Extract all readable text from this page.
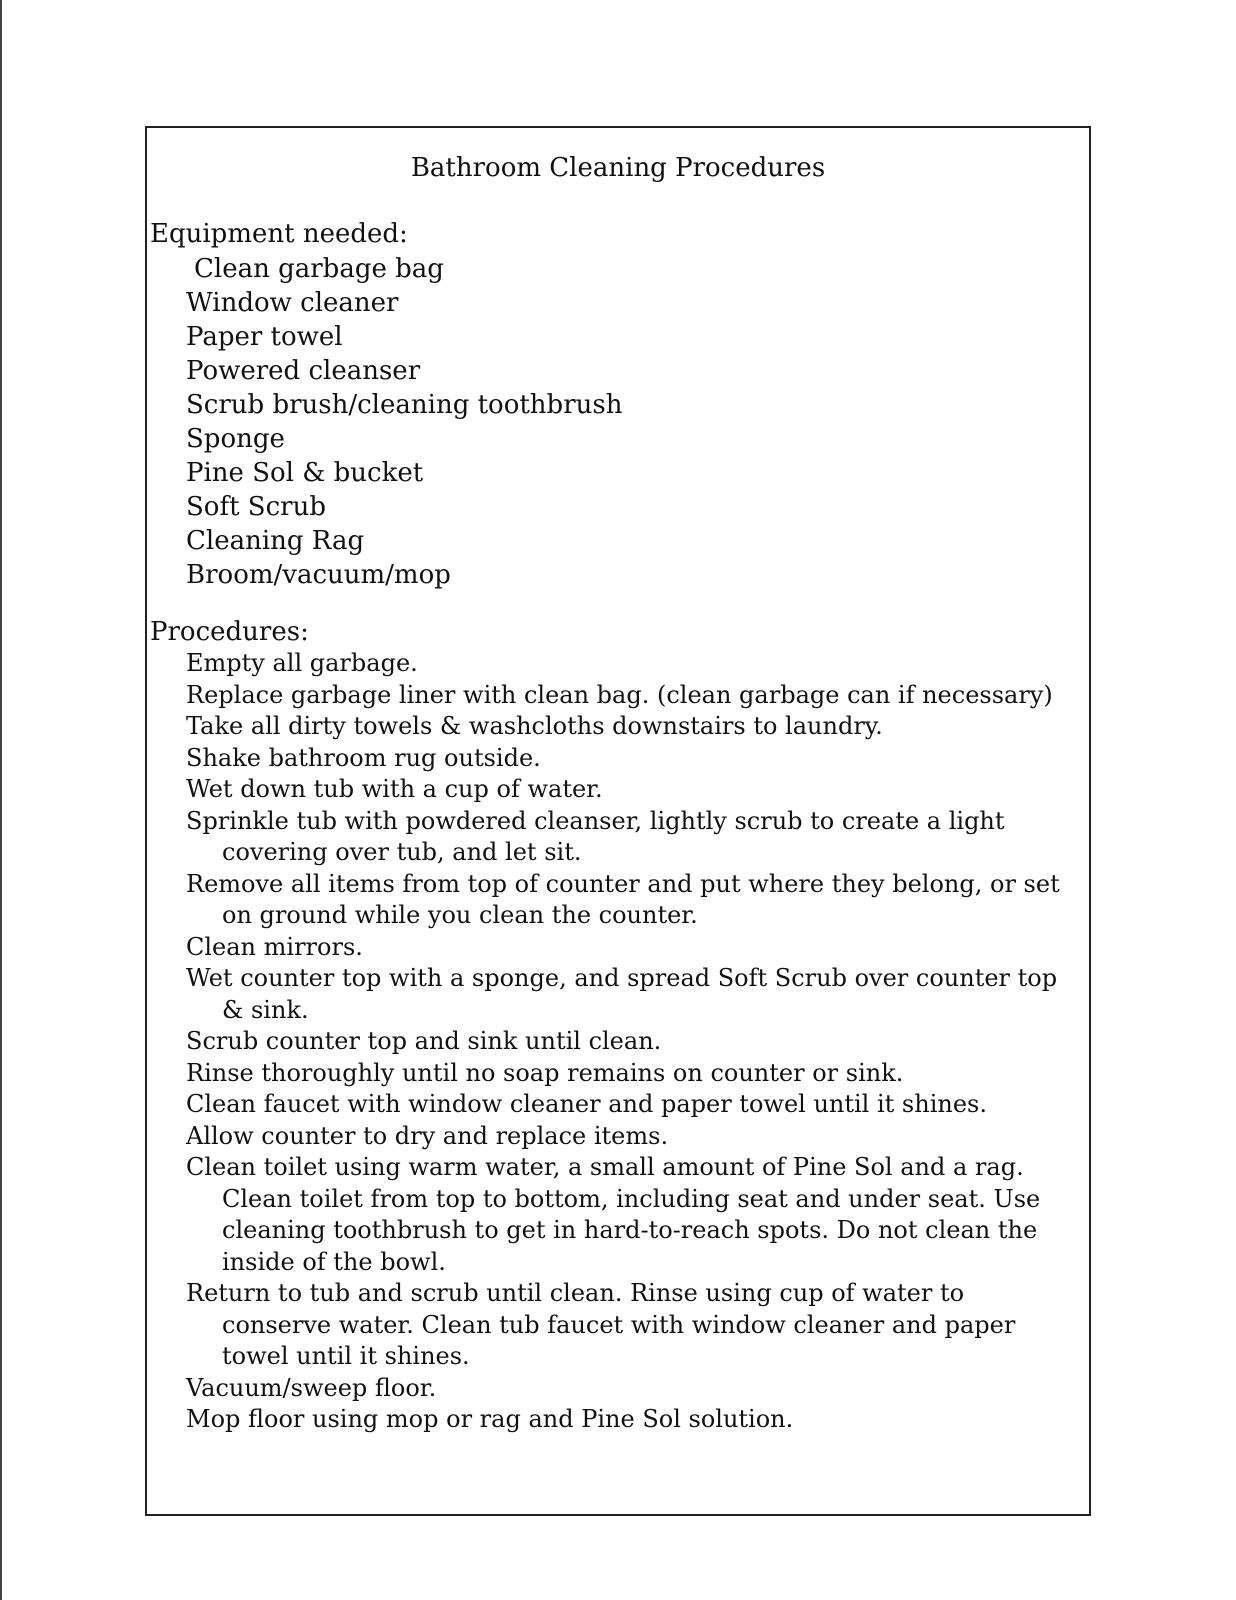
Bathroom Cleaning Procedures
Equipment needed:
Clean garbage bag
Window cleaner
Paper towel
Powered cleanser
Scrub brush/cleaning toothbrush
Sponge
Pine Sol & bucket
Soft Scrub
Cleaning Rag
Broom/vacuum/mop
Procedures:
Empty all garbage.
Replace garbage liner with clean bag. (clean garbage can if necessary)
Take all dirty towels & washcloths downstairs to laundry.
Shake bathroom rug outside.
Wet down tub with a cup of water.
Sprinkle tub with powdered cleanser, lightly scrub to create a light covering over tub, and let sit.
Remove all items from top of counter and put where they belong, or set on ground while you clean the counter.
Clean mirrors.
Wet counter top with a sponge, and spread Soft Scrub over counter top & sink.
Scrub counter top and sink until clean.
Rinse thoroughly until no soap remains on counter or sink.
Clean faucet with window cleaner and paper towel until it shines.
Allow counter to dry and replace items.
Clean toilet using warm water, a small amount of Pine Sol and a rag. Clean toilet from top to bottom, including seat and under seat. Use cleaning toothbrush to get in hard-to-reach spots. Do not clean the inside of the bowl.
Return to tub and scrub until clean. Rinse using cup of water to conserve water. Clean tub faucet with window cleaner and paper towel until it shines.
Vacuum/sweep floor.
Mop floor using mop or rag and Pine Sol solution.
